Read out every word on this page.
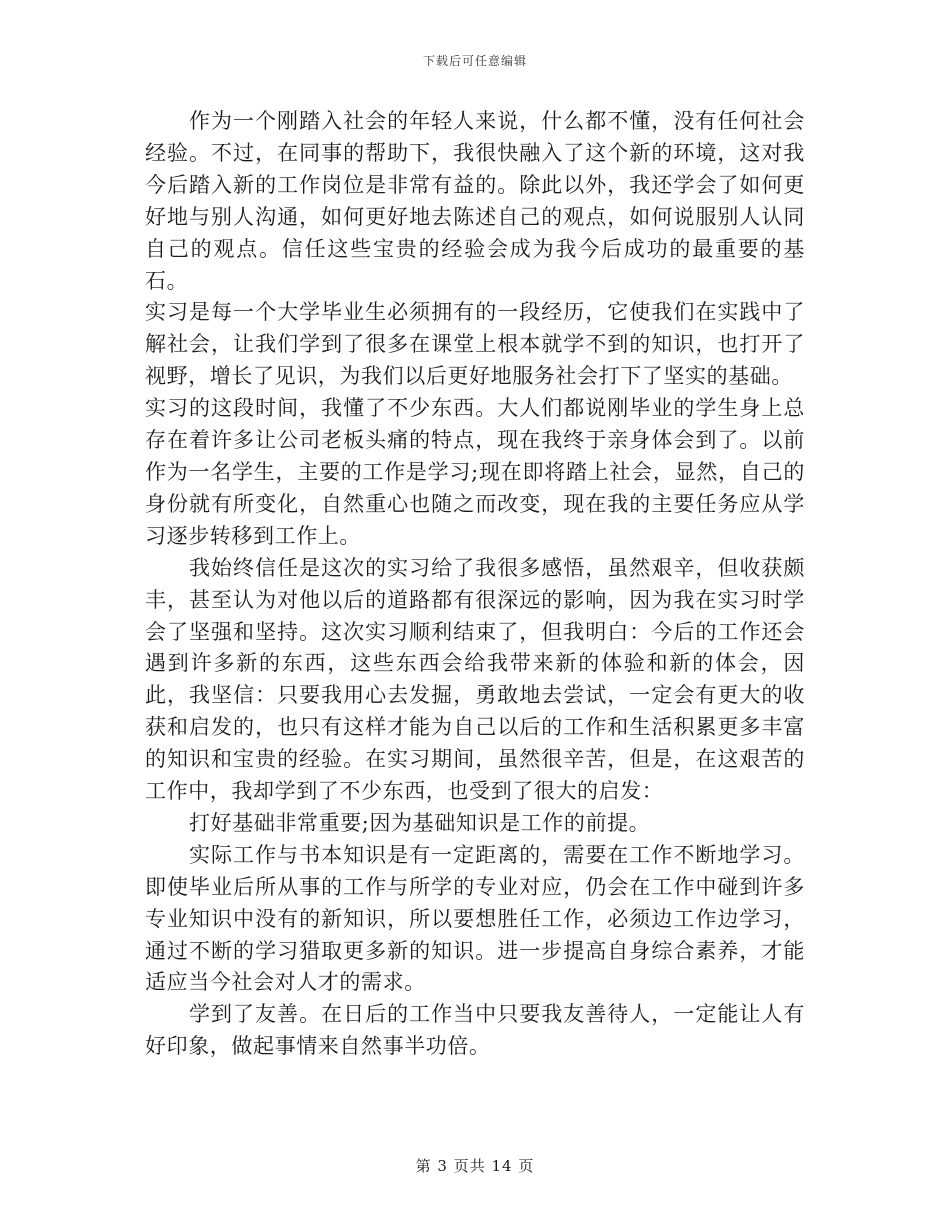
下载后可任意编辑

作为一个刚踏入社会的年轻人来说，什么都不懂，没有任何社会经验。不过，在同事的帮助下，我很快融入了这个新的环境，这对我今后踏入新的工作岗位是非常有益的。除此以外，我还学会了如何更好地与别人沟通，如何更好地去陈述自己的观点，如何说服别人认同自己的观点。信任这些宝贵的经验会成为我今后成功的最重要的基石。

实习是每一个大学毕业生必须拥有的一段经历，它使我们在实践中了解社会，让我们学到了很多在课堂上根本就学不到的知识，也打开了视野，增长了见识，为我们以后更好地服务社会打下了坚实的基础。

实习的这段时间，我懂了不少东西。大人们都说刚毕业的学生身上总存在着许多让公司老板头痛的特点，现在我终于亲身体会到了。以前作为一名学生，主要的工作是学习;现在即将踏上社会，显然，自己的身份就有所变化，自然重心也随之而改变，现在我的主要任务应从学习逐步转移到工作上。

我始终信任是这次的实习给了我很多感悟，虽然艰辛，但收获颇丰，甚至认为对他以后的道路都有很深远的影响，因为我在实习时学会了坚强和坚持。这次实习顺利结束了，但我明白：今后的工作还会遇到许多新的东西，这些东西会给我带来新的体验和新的体会，因此，我坚信：只要我用心去发掘，勇敢地去尝试，一定会有更大的收获和启发的，也只有这样才能为自己以后的工作和生活积累更多丰富的知识和宝贵的经验。在实习期间，虽然很辛苦，但是，在这艰苦的工作中，我却学到了不少东西，也受到了很大的启发：

打好基础非常重要;因为基础知识是工作的前提。

实际工作与书本知识是有一定距离的，需要在工作不断地学习。即使毕业后所从事的工作与所学的专业对应，仍会在工作中碰到许多专业知识中没有的新知识，所以要想胜任工作，必须边工作边学习，通过不断的学习猎取更多新的知识。进一步提高自身综合素养，才能适应当今社会对人才的需求。

学到了友善。在日后的工作当中只要我友善待人，一定能让人有好印象，做起事情来自然事半功倍。

第 3 页共 14 页
